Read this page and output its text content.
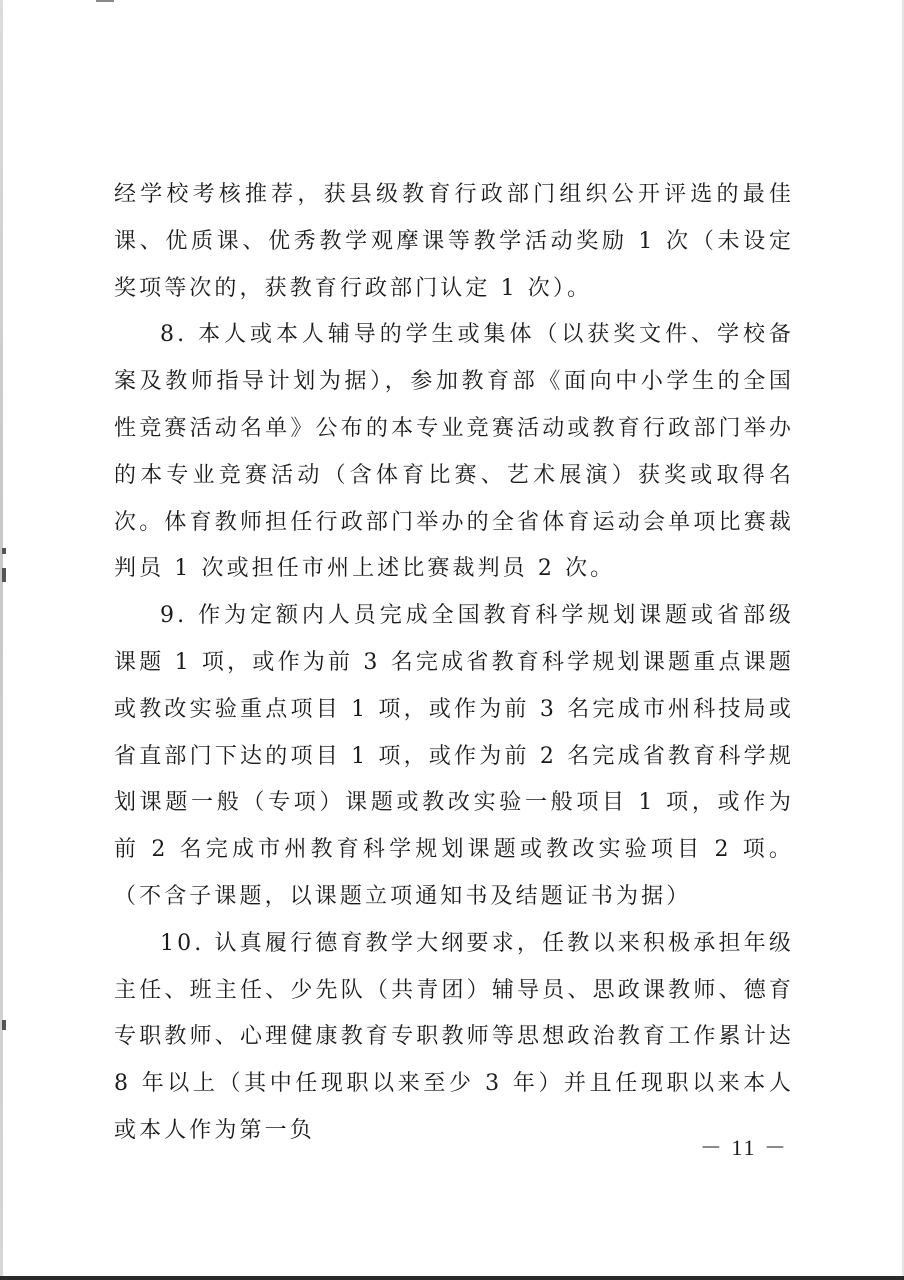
经学校考核推荐，获县级教育行政部门组织公开评选的最佳课、优质课、优秀教学观摩课等教学活动奖励 1 次（未设定奖项等次的，获教育行政部门认定 1 次）。

8. 本人或本人辅导的学生或集体（以获奖文件、学校备案及教师指导计划为据），参加教育部《面向中小学生的全国性竞赛活动名单》公布的本专业竞赛活动或教育行政部门举办的本专业竞赛活动（含体育比赛、艺术展演）获奖或取得名次。体育教师担任行政部门举办的全省体育运动会单项比赛裁判员 1 次或担任市州上述比赛裁判员 2 次。

9. 作为定额内人员完成全国教育科学规划课题或省部级课题 1 项，或作为前 3 名完成省教育科学规划课题重点课题或教改实验重点项目 1 项，或作为前 3 名完成市州科技局或省直部门下达的项目 1 项，或作为前 2 名完成省教育科学规划课题一般（专项）课题或教改实验一般项目 1 项，或作为前 2 名完成市州教育科学规划课题或教改实验项目 2 项。（不含子课题，以课题立项通知书及结题证书为据）

10. 认真履行德育教学大纲要求，任教以来积极承担年级主任、班主任、少先队（共青团）辅导员、思政课教师、德育专职教师、心理健康教育专职教师等思想政治教育工作累计达 8 年以上（其中任现职以来至少 3 年）并且任现职以来本人或本人作为第一负

－ 11 －
